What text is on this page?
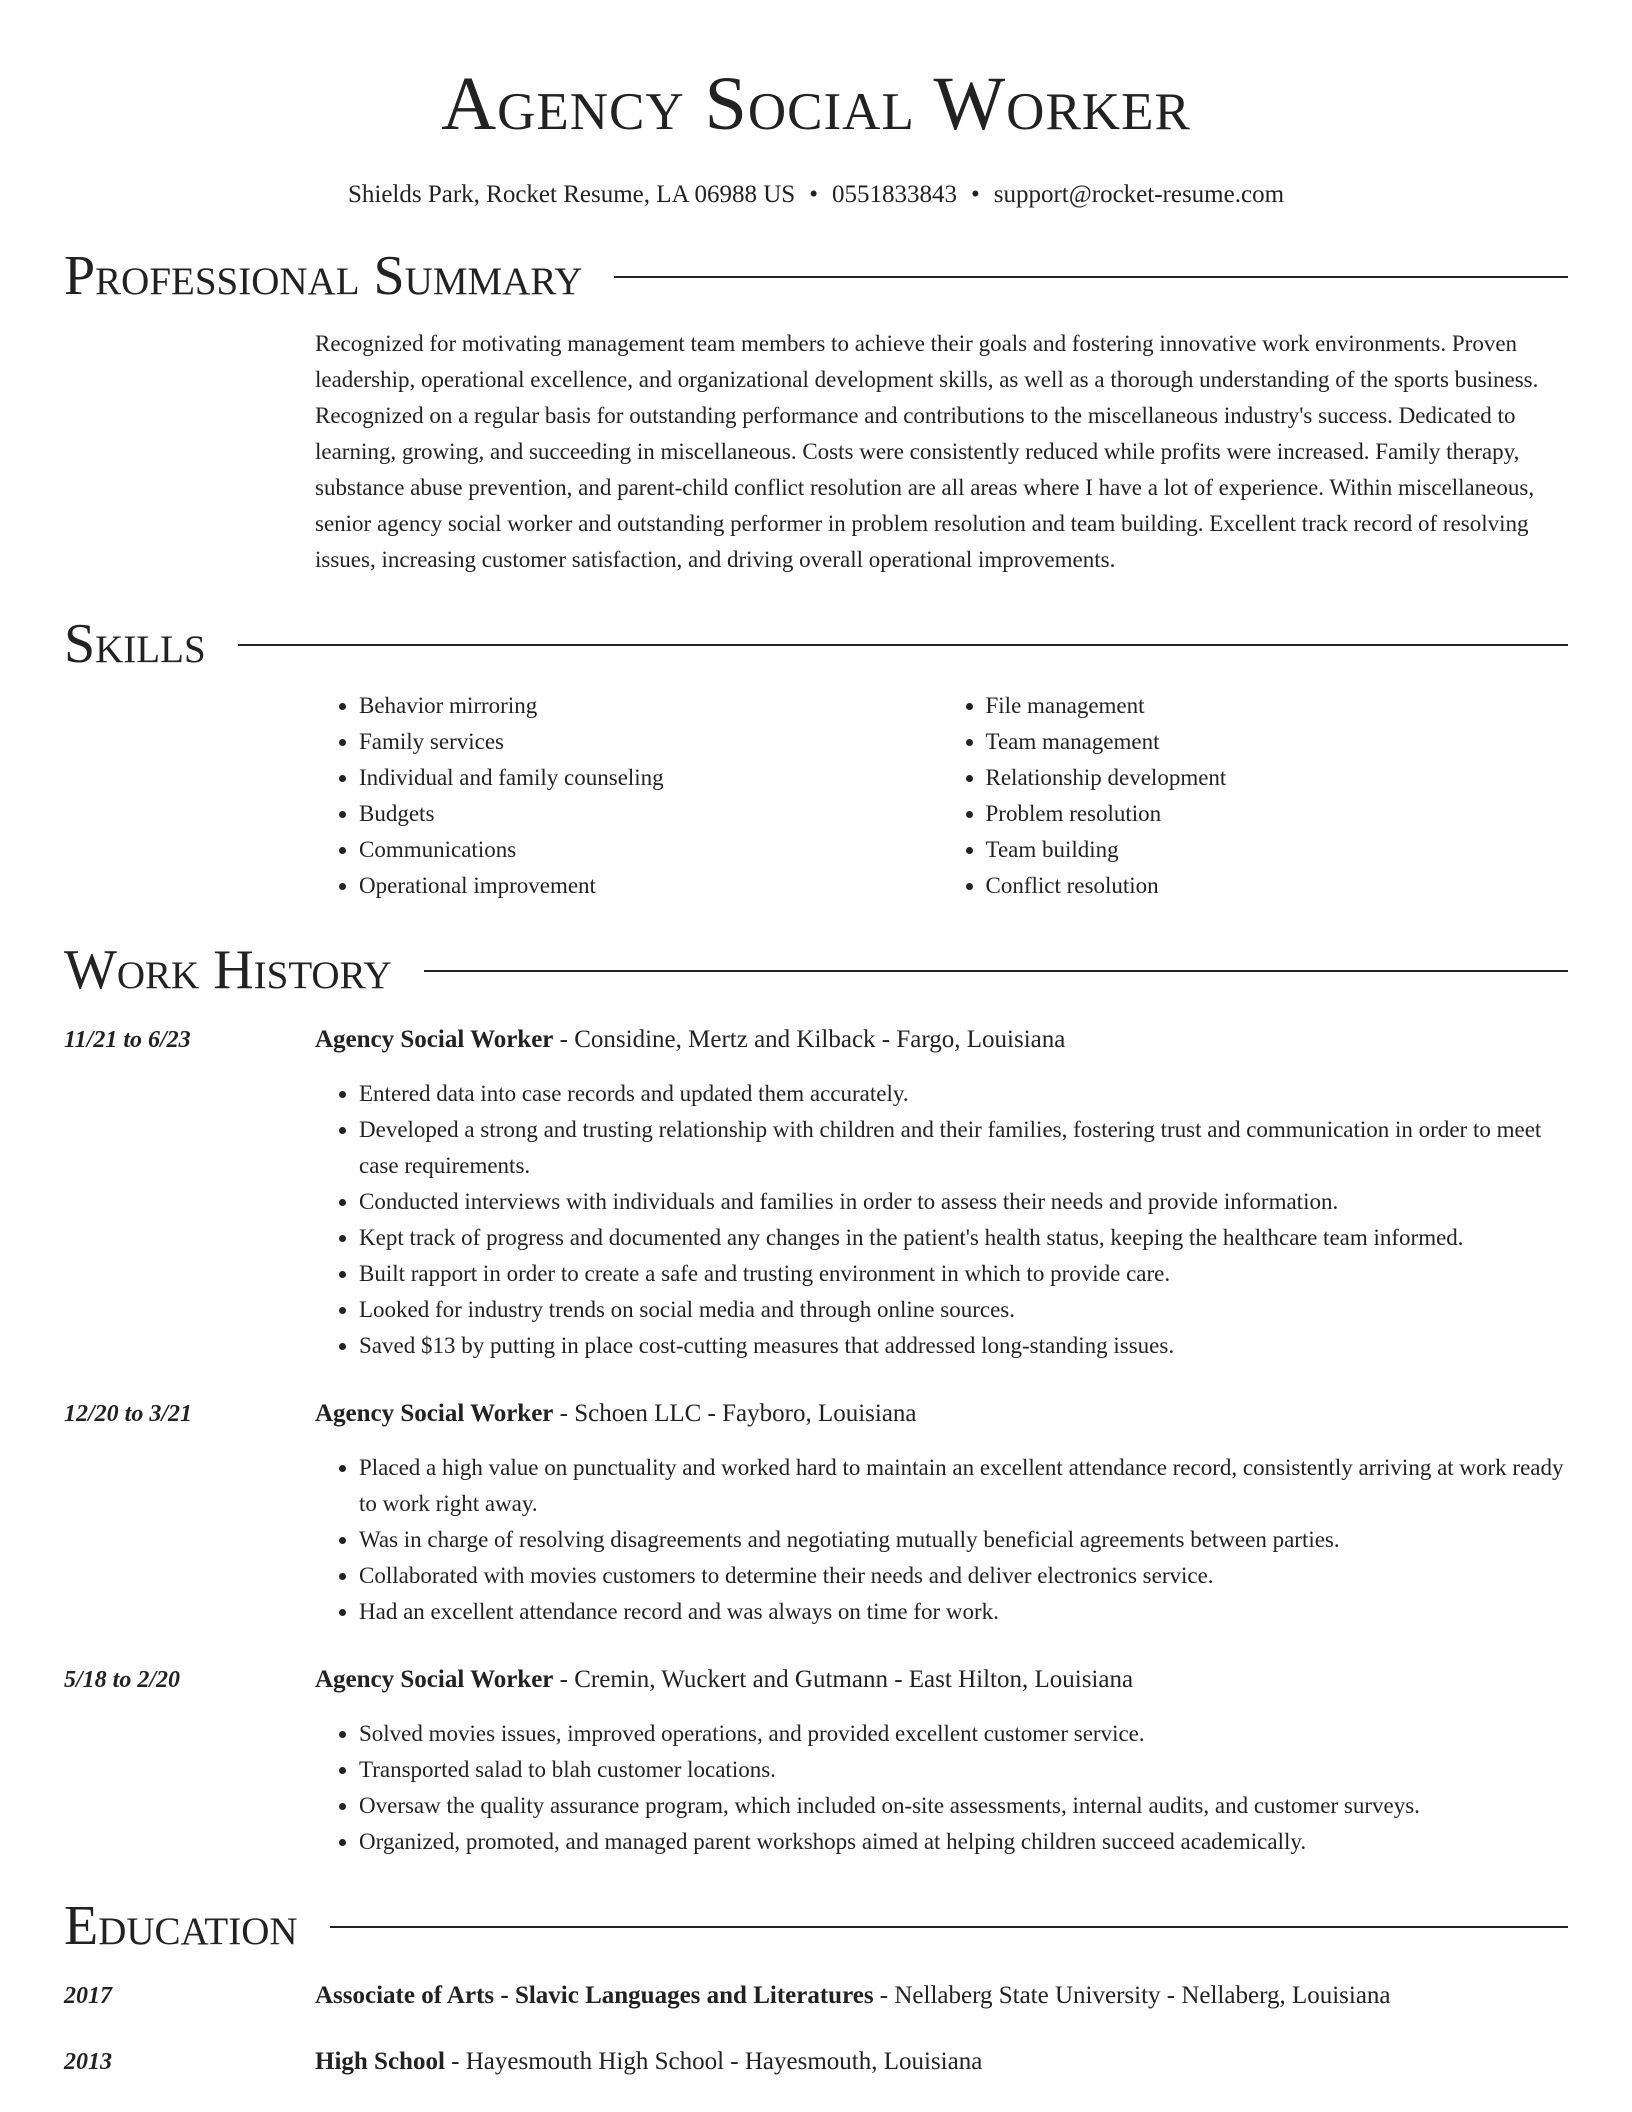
Agency Social Worker
Shields Park, Rocket Resume, LA 06988 US • 0551833843 • support@rocket-resume.com
Professional Summary
Recognized for motivating management team members to achieve their goals and fostering innovative work environments. Proven leadership, operational excellence, and organizational development skills, as well as a thorough understanding of the sports business. Recognized on a regular basis for outstanding performance and contributions to the miscellaneous industry's success. Dedicated to learning, growing, and succeeding in miscellaneous. Costs were consistently reduced while profits were increased. Family therapy, substance abuse prevention, and parent-child conflict resolution are all areas where I have a lot of experience. Within miscellaneous, senior agency social worker and outstanding performer in problem resolution and team building. Excellent track record of resolving issues, increasing customer satisfaction, and driving overall operational improvements.
Skills
• Behavior mirroring
• Family services
• Individual and family counseling
• Budgets
• Communications
• Operational improvement
• File management
• Team management
• Relationship development
• Problem resolution
• Team building
• Conflict resolution
Work History
11/21 to 6/23	Agency Social Worker - Considine, Mertz and Kilback - Fargo, Louisiana
• Entered data into case records and updated them accurately.
• Developed a strong and trusting relationship with children and their families, fostering trust and communication in order to meet case requirements.
• Conducted interviews with individuals and families in order to assess their needs and provide information.
• Kept track of progress and documented any changes in the patient's health status, keeping the healthcare team informed.
• Built rapport in order to create a safe and trusting environment in which to provide care.
• Looked for industry trends on social media and through online sources.
• Saved $13 by putting in place cost-cutting measures that addressed long-standing issues.
12/20 to 3/21	Agency Social Worker - Schoen LLC - Fayboro, Louisiana
• Placed a high value on punctuality and worked hard to maintain an excellent attendance record, consistently arriving at work ready to work right away.
• Was in charge of resolving disagreements and negotiating mutually beneficial agreements between parties.
• Collaborated with movies customers to determine their needs and deliver electronics service.
• Had an excellent attendance record and was always on time for work.
5/18 to 2/20	Agency Social Worker - Cremin, Wuckert and Gutmann - East Hilton, Louisiana
• Solved movies issues, improved operations, and provided excellent customer service.
• Transported salad to blah customer locations.
• Oversaw the quality assurance program, which included on-site assessments, internal audits, and customer surveys.
• Organized, promoted, and managed parent workshops aimed at helping children succeed academically.
Education
2017	Associate of Arts - Slavic Languages and Literatures - Nellaberg State University - Nellaberg, Louisiana
2013	High School - Hayesmouth High School - Hayesmouth, Louisiana
